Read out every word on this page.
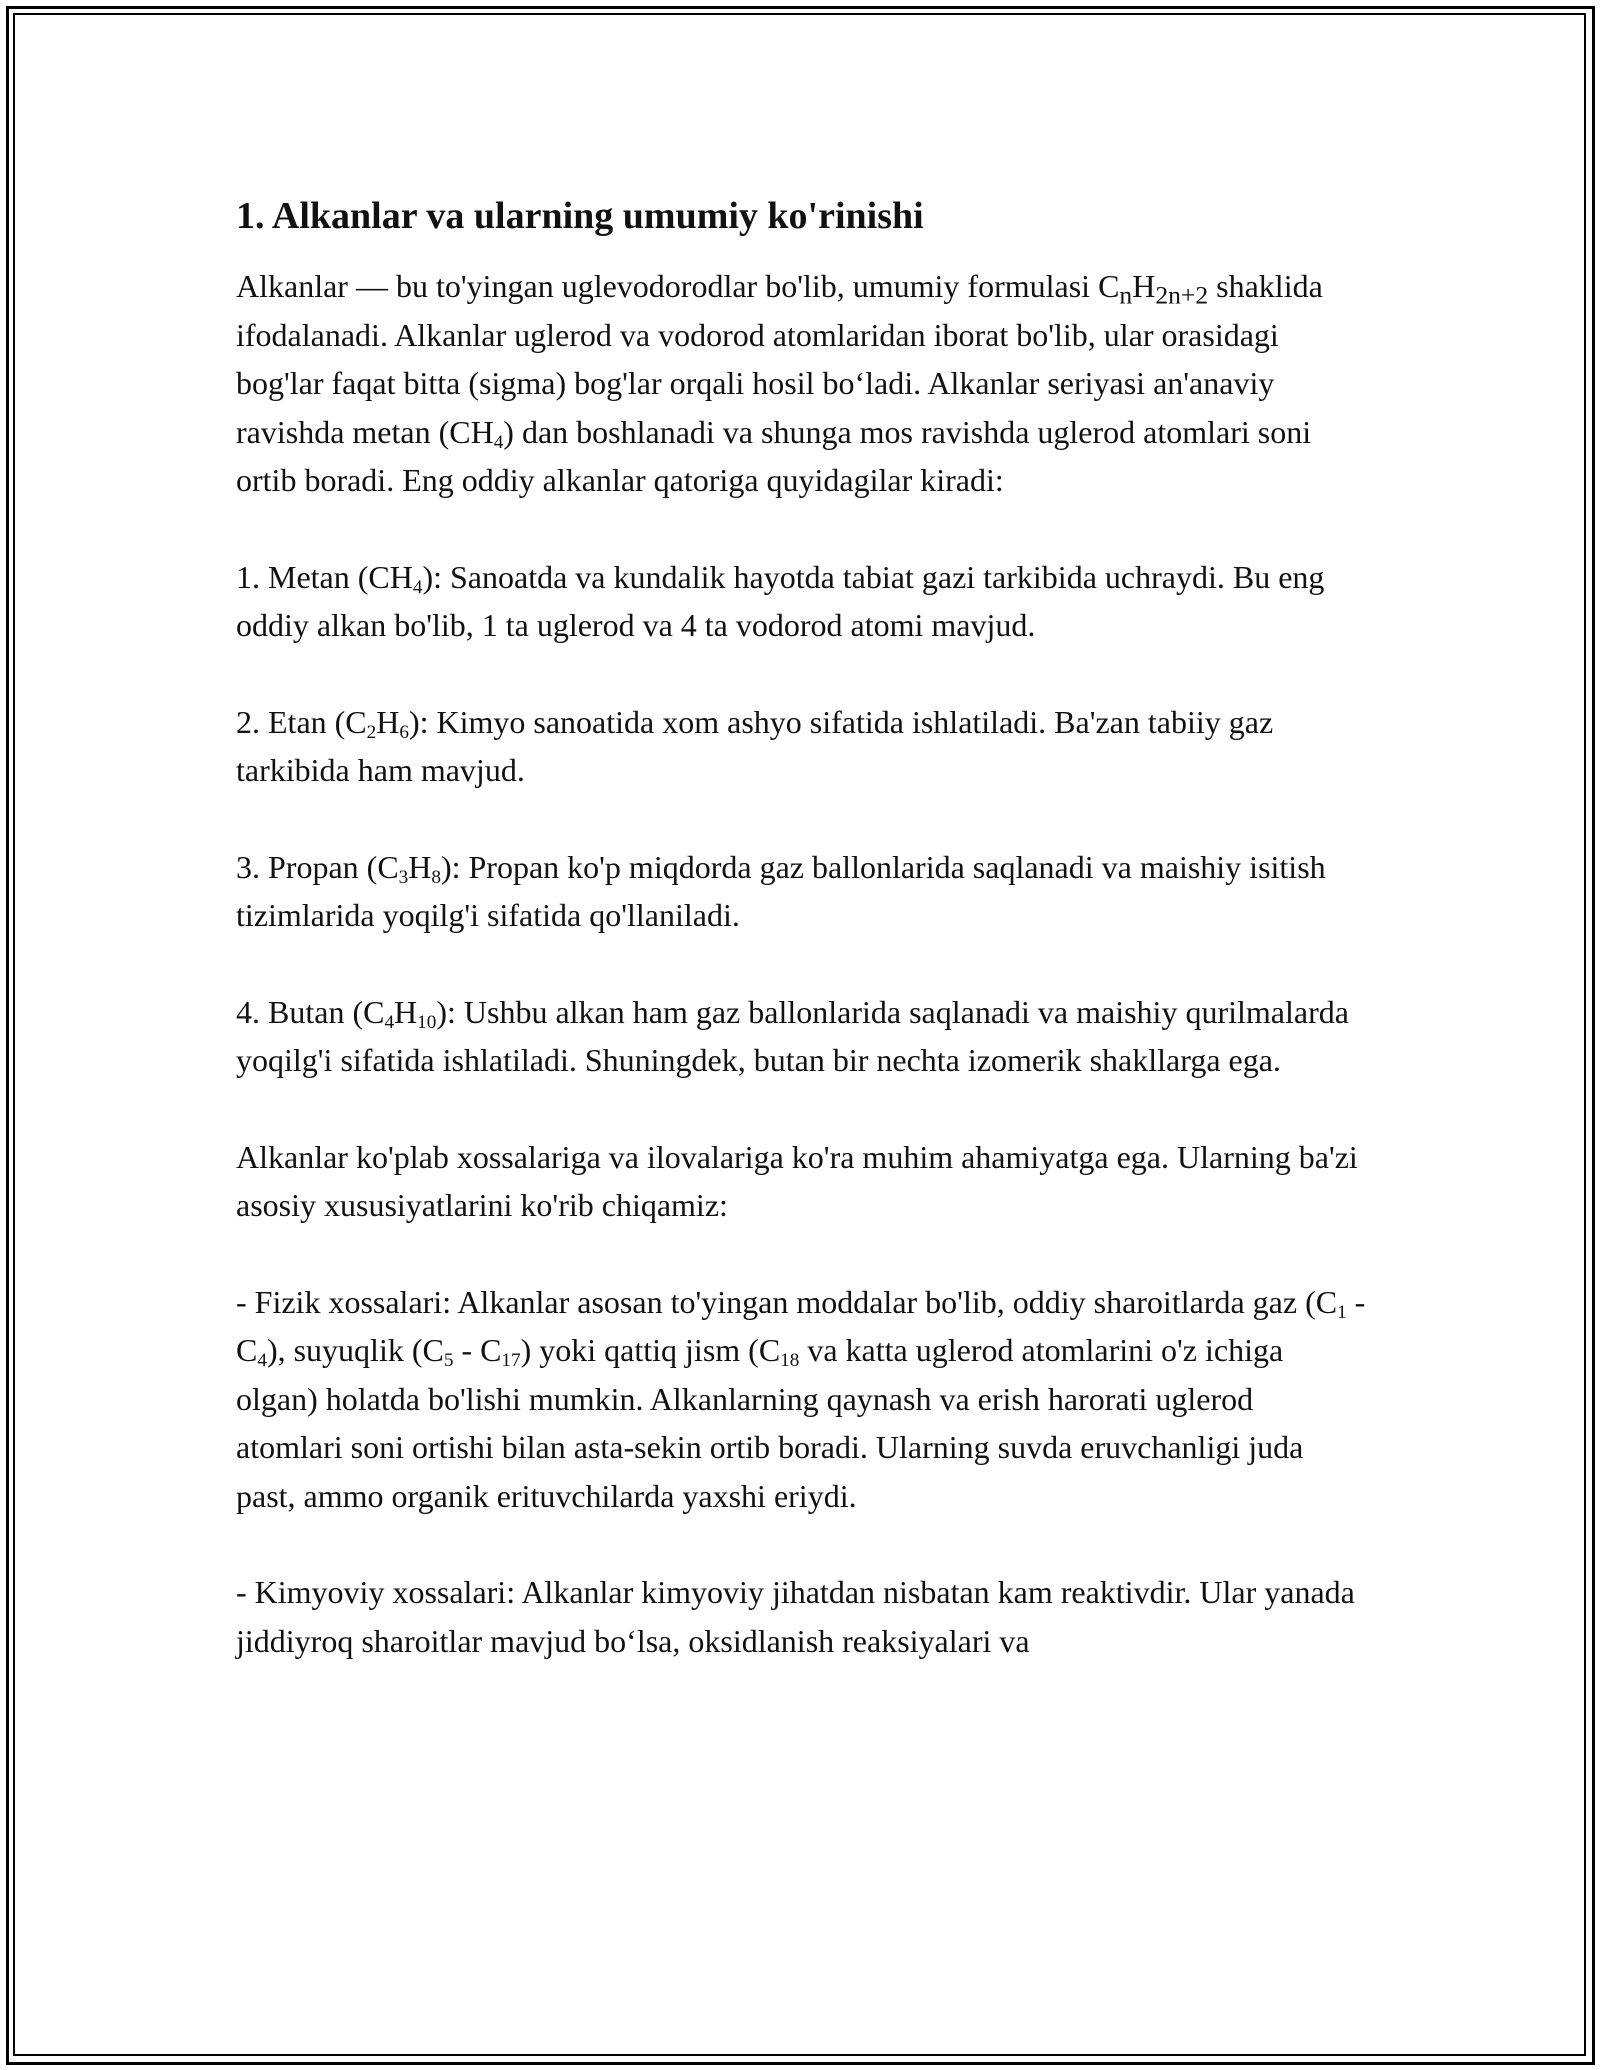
1. Alkanlar va ularning umumiy ko'rinishi

Alkanlar — bu to'yingan uglevodorodlar bo'lib, umumiy formulasi $C_nH_{2n+2}$ shaklida ifodalanadi. Alkanlar uglerod va vodorod atomlaridan iborat bo'lib, ular orasidagi bog'lar faqat bitta (sigma) bog'lar orqali hosil bo‘ladi. Alkanlar seriyasi an'anaviy ravishda metan $(CH_4)$ dan boshlanadi va shunga mos ravishda uglerod atomlari soni ortib boradi. Eng oddiy alkanlar qatoriga quyidagilar kiradi:

1. Metan $(CH_4)$: Sanoatda va kundalik hayotda tabiat gazi tarkibida uchraydi. Bu eng oddiy alkan bo'lib, 1 ta uglerod va 4 ta vodorod atomi mavjud.

2. Etan $(C_2H_6)$: Kimyo sanoatida xom ashyo sifatida ishlatiladi. Ba'zan tabiiy gaz tarkibida ham mavjud.

3. Propan $(C_3H_8)$: Propan ko'p miqdorda gaz ballonlarida saqlanadi va maishiy isitish tizimlarida yoqilg'i sifatida qo'llaniladi.

4. Butan $(C_4H_{10})$: Ushbu alkan ham gaz ballonlarida saqlanadi va maishiy qurilmalarda yoqilg'i sifatida ishlatiladi. Shuningdek, butan bir nechta izomerik shakllarga ega.

Alkanlar ko'plab xossalariga va ilovalariga ko'ra muhim ahamiyatga ega. Ularning ba'zi asosiy xususiyatlarini ko'rib chiqamiz:

- Fizik xossalari: Alkanlar asosan to'yingan moddalar bo'lib, oddiy sharoitlarda gaz $(C_1 - C_4)$, suyuqlik $(C_5 - C_{17})$ yoki qattiq jism ($C_{18}$ va katta uglerod atomlarini o'z ichiga olgan) holatda bo'lishi mumkin. Alkanlarning qaynash va erish harorati uglerod atomlari soni ortishi bilan asta-sekin ortib boradi. Ularning suvda eruvchanligi juda past, ammo organik erituvchilarda yaxshi eriydi.

- Kimyoviy xossalari: Alkanlar kimyoviy jihatdan nisbatan kam reaktivdir. Ular yanada jiddiyroq sharoitlar mavjud bo‘lsa, oksidlanish reaksiyalari va
